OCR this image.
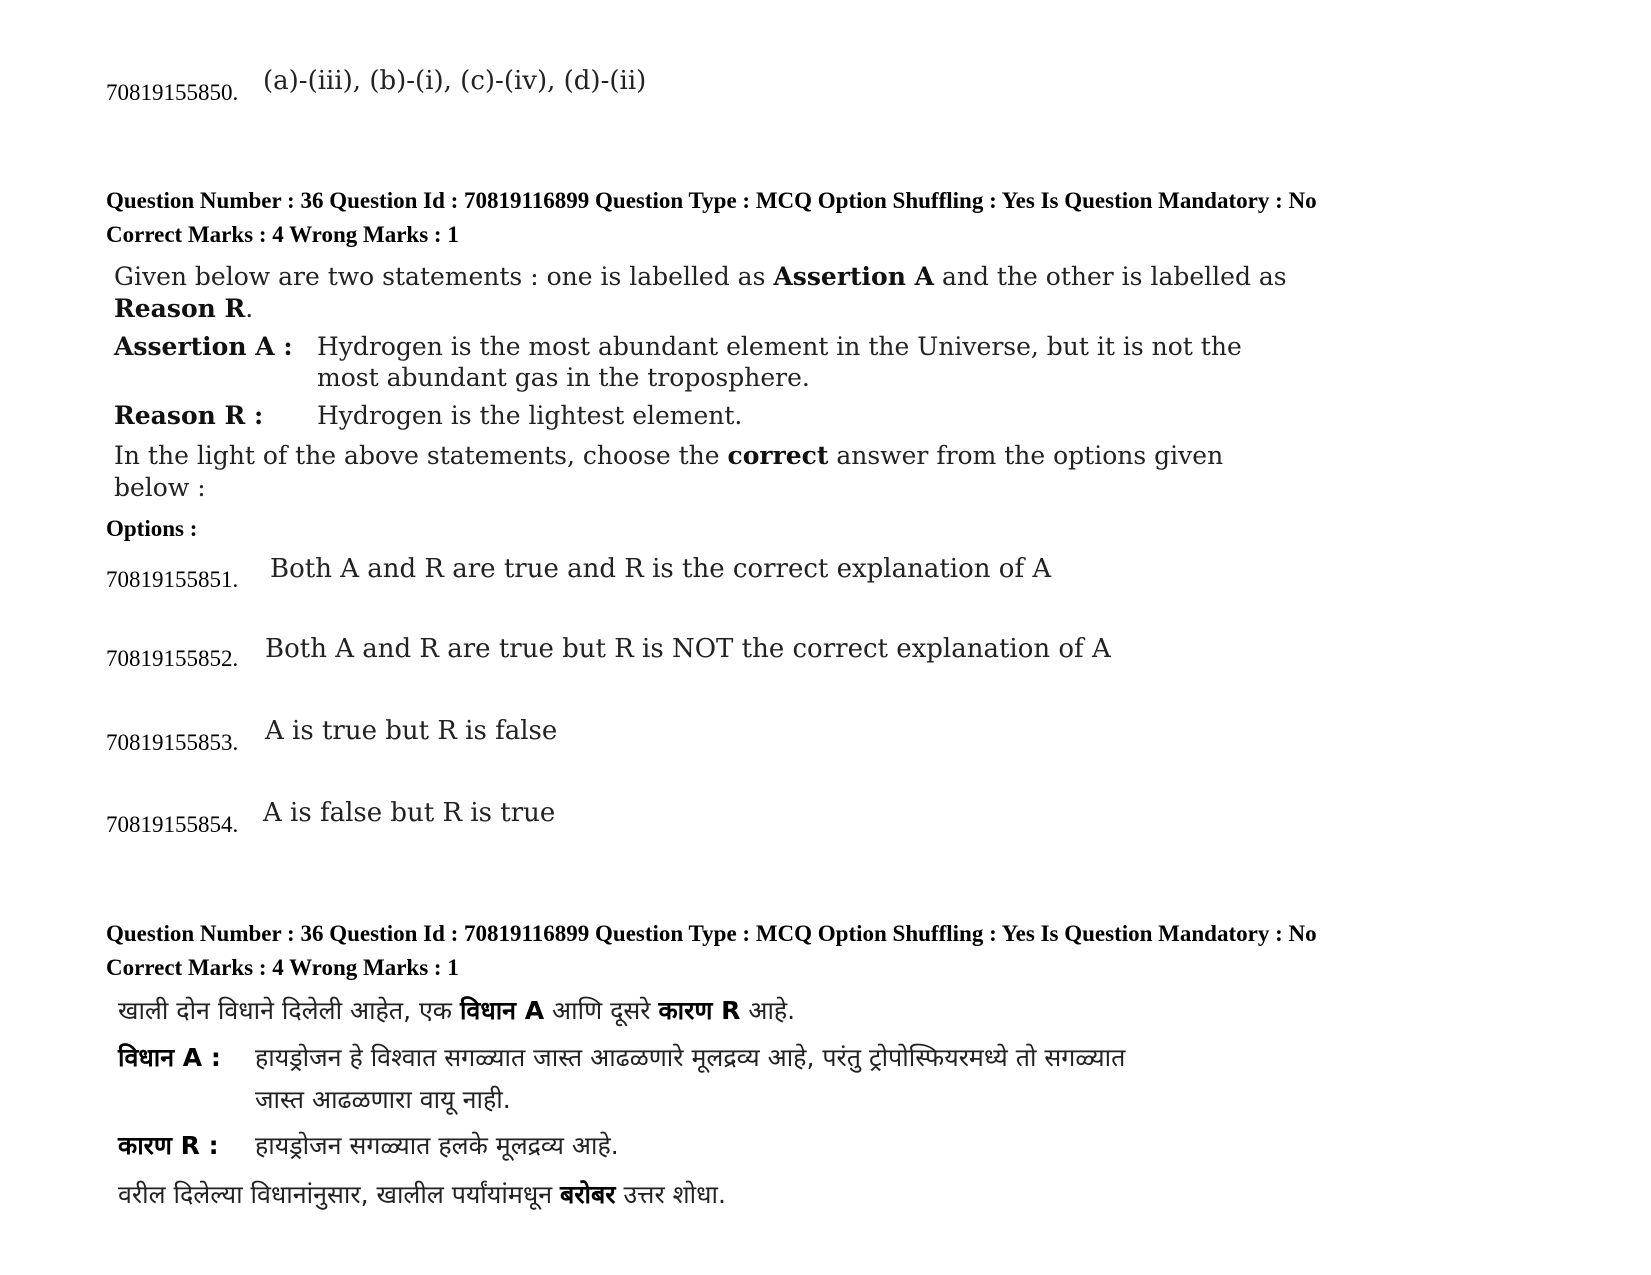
70819155850. (a)-(iii), (b)-(i), (c)-(iv), (d)-(ii)
Question Number : 36 Question Id : 70819116899 Question Type : MCQ Option Shuffling : Yes Is Question Mandatory : No
Correct Marks : 4 Wrong Marks : 1
Given below are two statements : one is labelled as Assertion A and the other is labelled as
Reason R.
Assertion A : Hydrogen is the most abundant element in the Universe, but it is not the
most abundant gas in the troposphere.
Reason R : Hydrogen is the lightest element.
In the light of the above statements, choose the correct answer from the options given
below :
Options :
70819155851. Both A and R are true and R is the correct explanation of A
70819155852. Both A and R are true but R is NOT the correct explanation of A
70819155853. A is true but R is false
70819155854. A is false but R is true
Question Number : 36 Question Id : 70819116899 Question Type : MCQ Option Shuffling : Yes Is Question Mandatory : No
Correct Marks : 4 Wrong Marks : 1
खाली दोन विधाने दिलेली आहेत, एक विधान A आणि दूसरे कारण R आहे.
विधान A : हायड्रोजन हे विश्वात सगळ्यात जास्त आढळणारे मूलद्रव्य आहे, परंतु ट्रोपोस्फियरमध्ये तो सगळ्यात
जास्त आढळणारा वायू नाही.
कारण R : हायड्रोजन सगळ्यात हलके मूलद्रव्य आहे.
वरील दिलेल्या विधानांनुसार, खालील पर्यांयांमधून बरोबर उत्तर शोधा.
